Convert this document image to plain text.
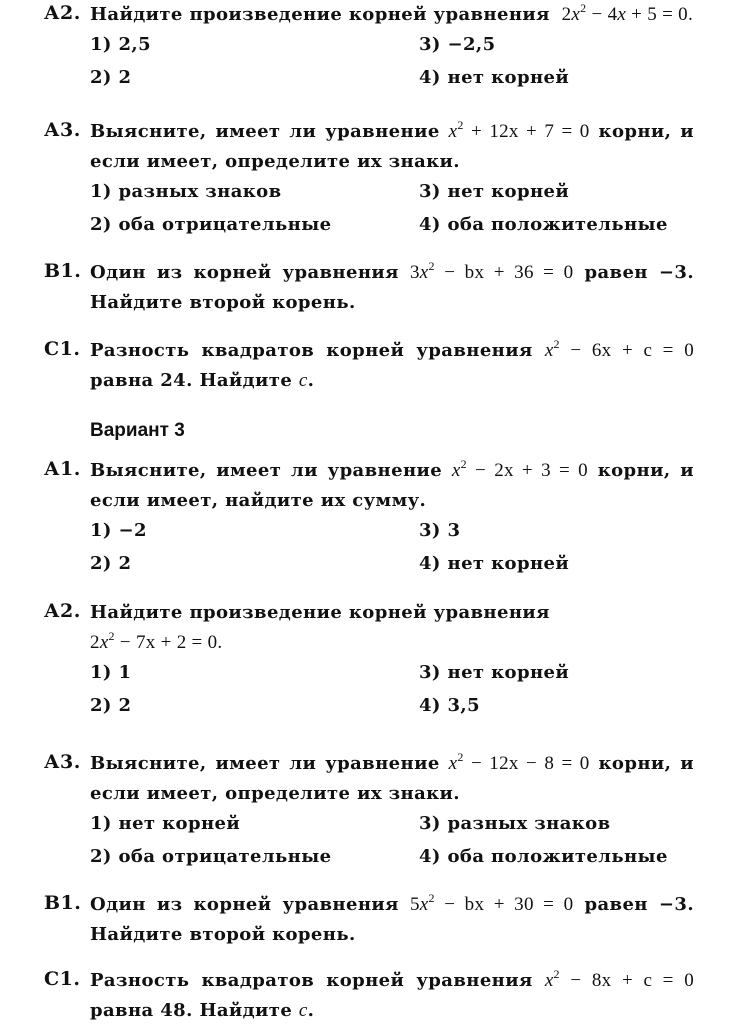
А2. Найдите произведение корней уравнения $2x^2 - 4x + 5 = 0$.
1) 2,5	3) −2,5
2) 2	4) нет корней
А3. Выясните, имеет ли уравнение $x^2 + 12x + 7 = 0$ корни, и
если имеет, определите их знаки.
1) разных знаков	3) нет корней
2) оба отрицательные	4) оба положительные
В1. Один из корней уравнения $3x^2$ − bx + 36 = 0 равен −3.
Найдите второй корень.
С1. Разность квадратов корней уравнения $x^2 - 6x + c = 0$
равна 24. Найдите c.
Вариант 3
А1. Выясните, имеет ли уравнение $x^2 - 2x + 3 = 0$ корни, и
если имеет, найдите их сумму.
1) −2	3) 3
2) 2	4) нет корней
А2. Найдите произведение корней уравнения
$2x^2 - 7x + 2 = 0$.
1) 1	3) нет корней
2) 2	4) 3,5
А3. Выясните, имеет ли уравнение $x^2 - 12x - 8 = 0$ корни, и
если имеет, определите их знаки.
1) нет корней	3) разных знаков
2) оба отрицательные	4) оба положительные
В1. Один из корней уравнения $5x^2$ − bx + 30 = 0 равен −3.
Найдите второй корень.
С1. Разность квадратов корней уравнения $x^2 - 8x + c = 0$
равна 48. Найдите c.
